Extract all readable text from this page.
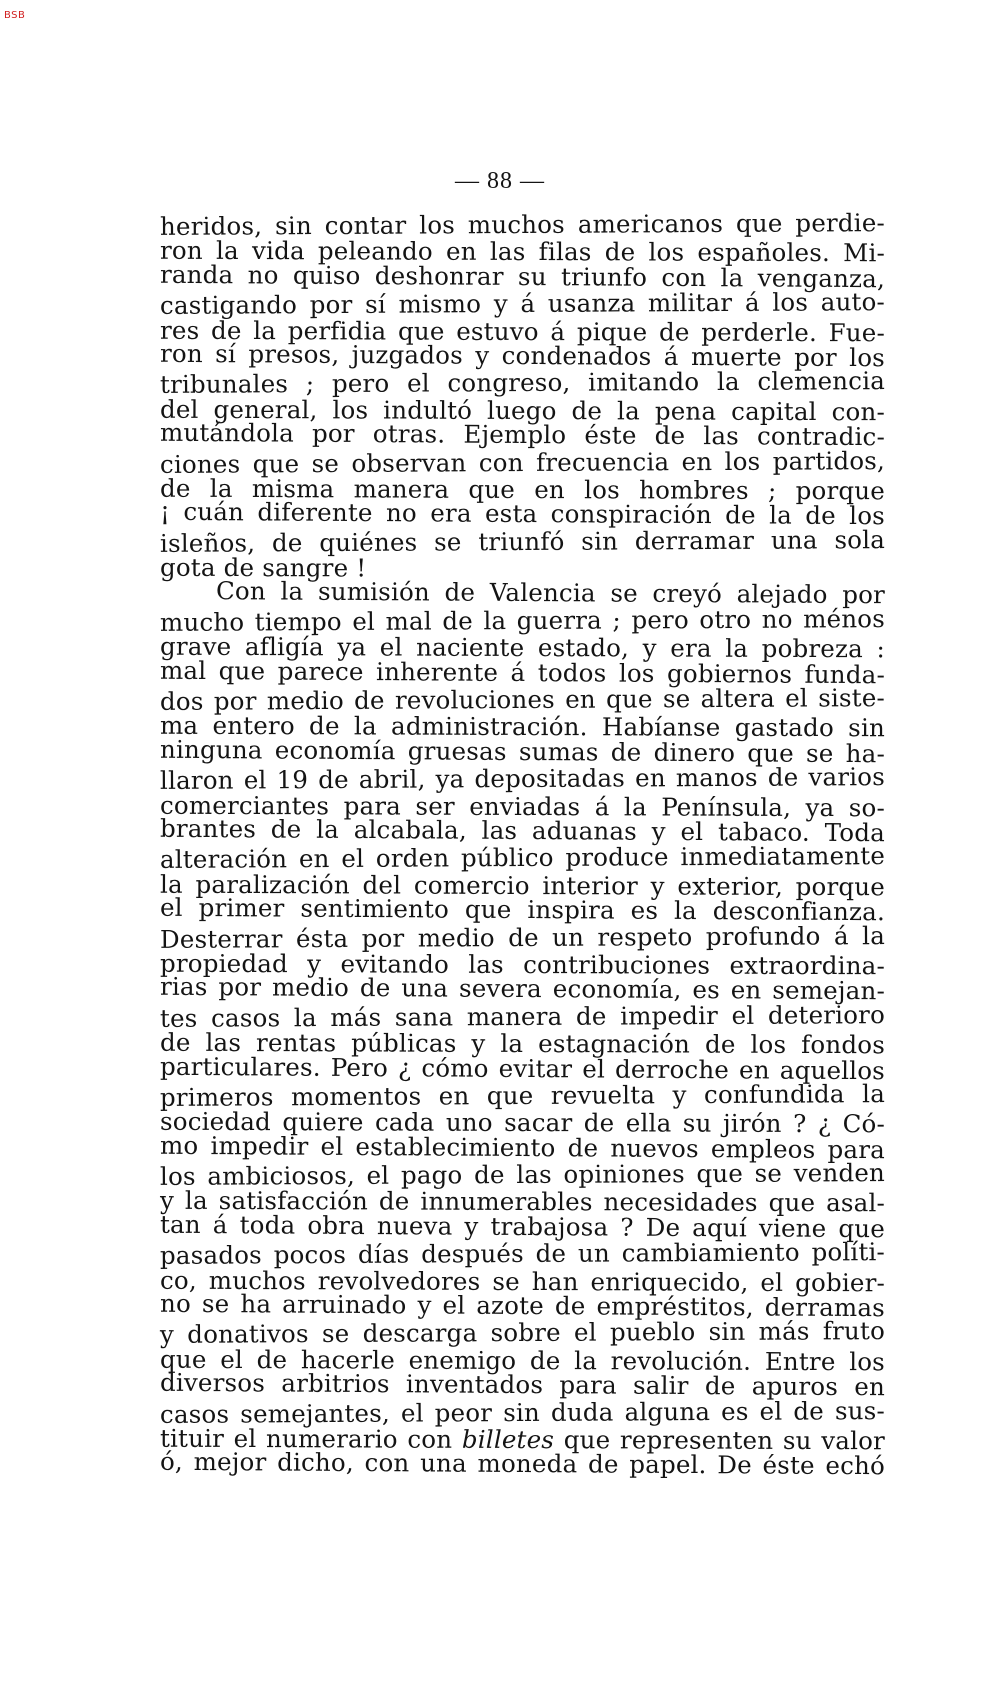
BSB
— 88 —
heridos, sin contar los muchos americanos que perdie-
ron la vida peleando en las filas de los españoles. Mi-
randa no quiso deshonrar su triunfo con la venganza,
castigando por sí mismo y á usanza militar á los auto-
res de la perfidia que estuvo á pique de perderle. Fue-
ron sí presos, juzgados y condenados á muerte por los
tribunales ; pero el congreso, imitando la clemencia
del general, los indultó luego de la pena capital con-
mutándola por otras. Ejemplo éste de las contradic-
ciones que se observan con frecuencia en los partidos,
de la misma manera que en los hombres ; porque
¡ cuán diferente no era esta conspiración de la de los
isleños, de quiénes se triunfó sin derramar una sola
gota de sangre !
Con la sumisión de Valencia se creyó alejado por
mucho tiempo el mal de la guerra ; pero otro no ménos
grave afligía ya el naciente estado, y era la pobreza :
mal que parece inherente á todos los gobiernos funda-
dos por medio de revoluciones en que se altera el siste-
ma entero de la administración. Habíanse gastado sin
ninguna economía gruesas sumas de dinero que se ha-
llaron el 19 de abril, ya depositadas en manos de varios
comerciantes para ser enviadas á la Península, ya so-
brantes de la alcabala, las aduanas y el tabaco. Toda
alteración en el orden público produce inmediatamente
la paralización del comercio interior y exterior, porque
el primer sentimiento que inspira es la desconfianza.
Desterrar ésta por medio de un respeto profundo á la
propiedad y evitando las contribuciones extraordina-
rias por medio de una severa economía, es en semejan-
tes casos la más sana manera de impedir el deterioro
de las rentas públicas y la estagnación de los fondos
particulares. Pero ¿ cómo evitar el derroche en aquellos
primeros momentos en que revuelta y confundida la
sociedad quiere cada uno sacar de ella su jirón ? ¿ Có-
mo impedir el establecimiento de nuevos empleos para
los ambiciosos, el pago de las opiniones que se venden
y la satisfacción de innumerables necesidades que asal-
tan á toda obra nueva y trabajosa ? De aquí viene que
pasados pocos días después de un cambiamiento políti-
co, muchos revolvedores se han enriquecido, el gobier-
no se ha arruinado y el azote de empréstitos, derramas
y donativos se descarga sobre el pueblo sin más fruto
que el de hacerle enemigo de la revolución. Entre los
diversos arbitrios inventados para salir de apuros en
casos semejantes, el peor sin duda alguna es el de sus-
tituir el numerario con billetes que representen su valor
ó, mejor dicho, con una moneda de papel. De éste echó
